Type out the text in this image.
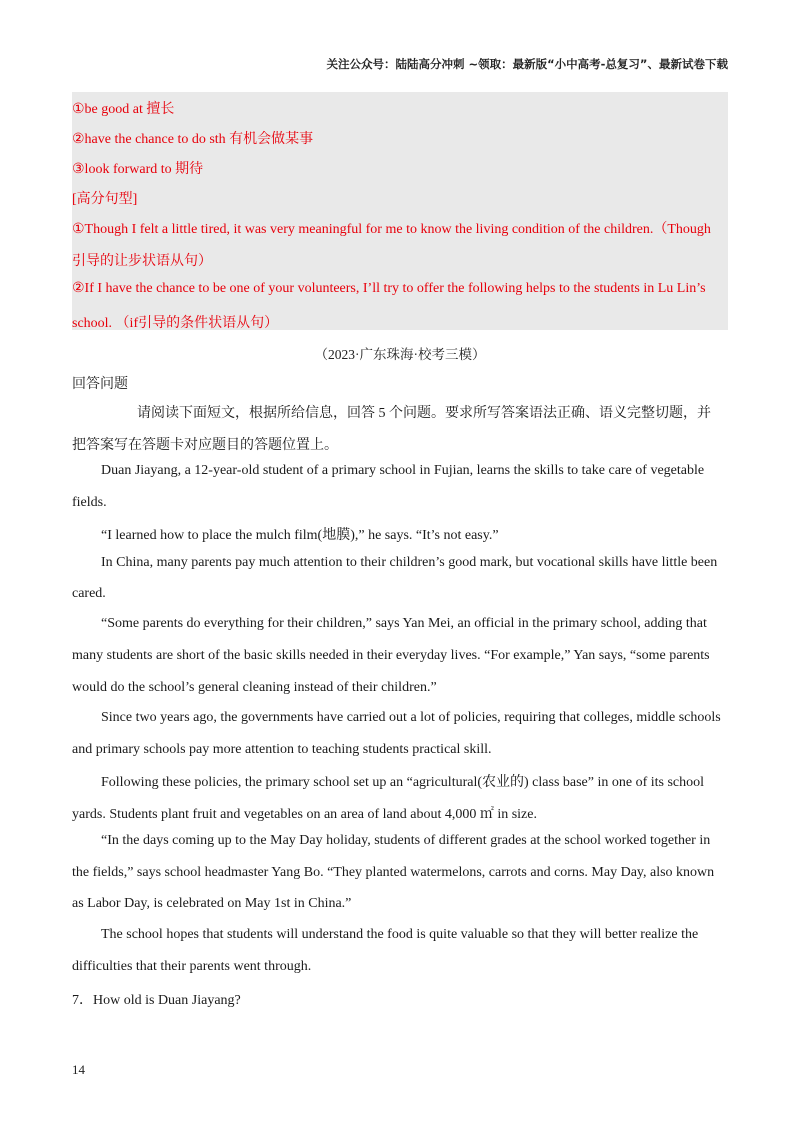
关注公众号：陆陆高分冲刺 ~领取：最新版“小中高考-总复习”、最新试卷下载
①be good at 擅长
②have the chance to do sth 有机会做某事
③look forward to 期待
[高分句型]
①Though I felt a little tired, it was very meaningful for me to know the living condition of the children.（Though
引导的让步状语从句）
②If I have the chance to be one of your volunteers, I’ll try to offer the following helps to the students in Lu Lin’s
school. （if引导的条件状语从句）
（2023·广东珠海·校考三模）
回答问题
请阅读下面短文，根据所给信息，回答 5 个问题。要求所写答案语法正确、语义完整切题，并
把答案写在答题卡对应题目的答题位置上。
Duan Jiayang, a 12-year-old student of a primary school in Fujian, learns the skills to take care of vegetable
fields.
“I learned how to place the mulch film(地膜),” he says. “It’s not easy.”
In China, many parents pay much attention to their children’s good mark, but vocational skills have little been
cared.
“Some parents do everything for their children,” says Yan Mei, an official in the primary school, adding that
many students are short of the basic skills needed in their everyday lives. “For example,” Yan says, “some parents
would do the school’s general cleaning instead of their children.”
Since two years ago, the governments have carried out a lot of policies, requiring that colleges, middle schools
and primary schools pay more attention to teaching students practical skill.
Following these policies, the primary school set up an “agricultural(农业的) class base” in one of its school
yards. Students plant fruit and vegetables on an area of land about 4,000 ㎡ in size.
“In the days coming up to the May Day holiday, students of different grades at the school worked together in
the fields,” says school headmaster Yang Bo. “They planted watermelons, carrots and corns. May Day, also known
as Labor Day, is celebrated on May 1st in China.”
The school hopes that students will understand the food is quite valuable so that they will better realize the
difficulties that their parents went through.
7．How old is Duan Jiayang?
14
